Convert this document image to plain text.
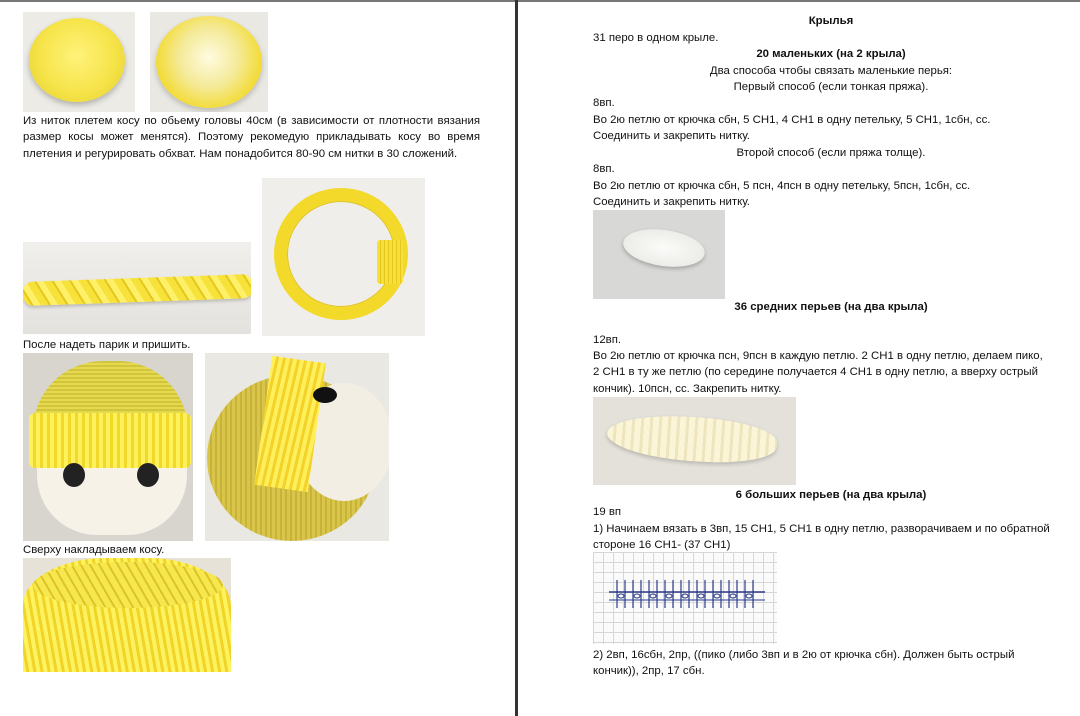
Из ниток плетем косу по обьему головы 40см (в зависимости от плотности вязания размер косы может менятся). Поэтому рекомедую прикладывать косу во время плетения и регурировать обхват. Нам понадобится 80-90 см нитки в 30 сложений.
После надеть парик и пришить.
Сверху накладываем косу.
Крылья
31 перо в одном крыле.
20 маленьких (на 2 крыла)
Два способа чтобы связать маленькие перья:
Первый способ (если тонкая пряжа).
8вп.
Во 2ю петлю от крючка сбн, 5 СН1, 4 СН1 в одну петельку, 5 СН1, 1сбн, сс.
Соединить и закрепить нитку.
Второй способ (если пряжа толще).
8вп.
Во 2ю петлю от крючка сбн, 5 псн, 4псн в одну петельку, 5псн, 1сбн, сс.
Соединить и закрепить нитку.
36 средних перьев (на два крыла)
12вп.
Во 2ю петлю от крючка псн, 9псн в каждую петлю. 2 СН1 в одну петлю, делаем пико, 2 СН1 в ту же петлю (по середине получается 4 СН1 в одну петлю, а вверху острый кончик). 10псн, сс. Закрепить нитку.
6 больших перьев (на два крыла)
19 вп
1) Начинаем вязать в 3вп, 15 СН1, 5 СН1 в одну петлю, разворачиваем и по обратной стороне 16 СН1- (37 СН1)
2) 2вп, 16сбн, 2пр, ((пико (либо 3вп и в 2ю от крючка сбн). Должен быть острый кончик)), 2пр, 17 сбн.
